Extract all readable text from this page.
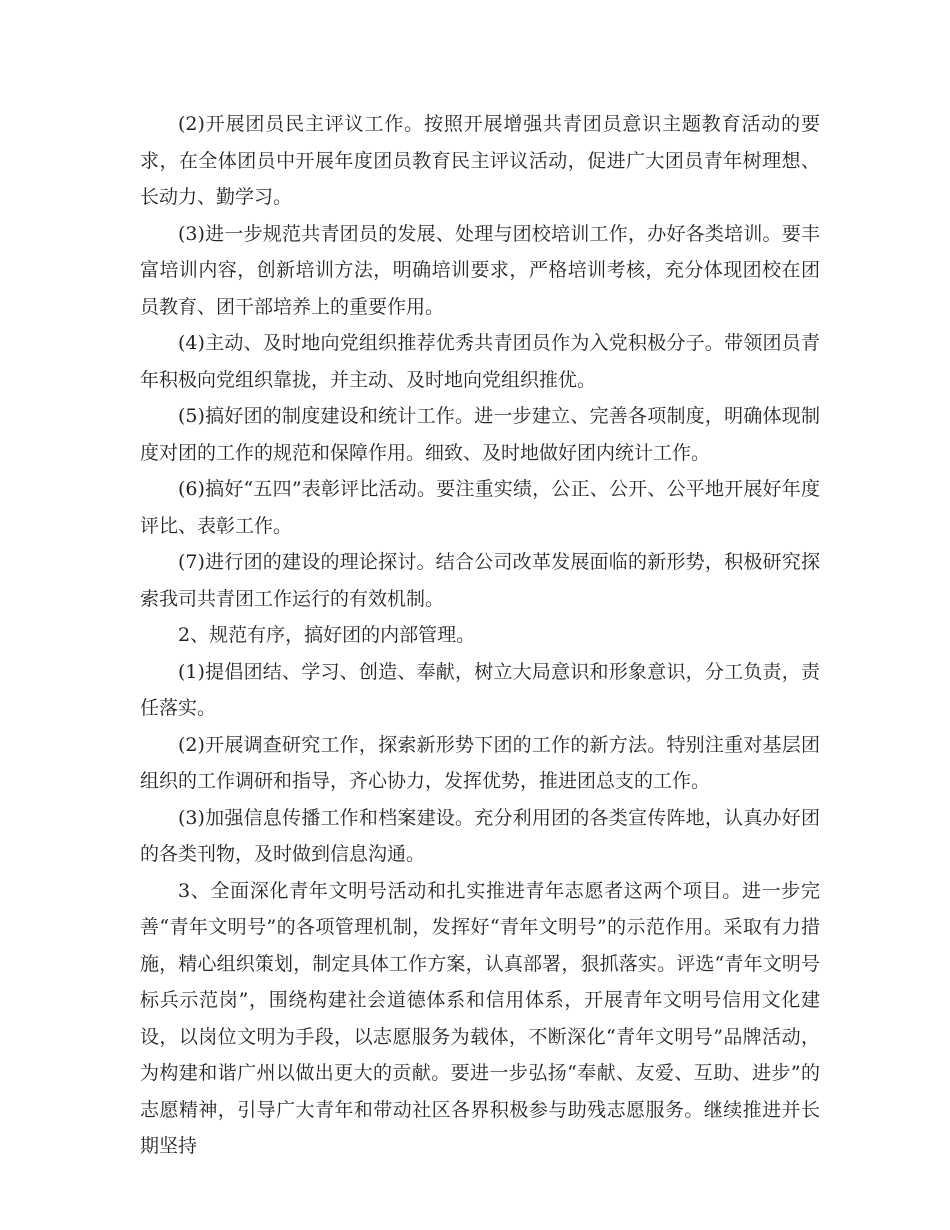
(2)开展团员民主评议工作。按照开展增强共青团员意识主题教育活动的要求，在全体团员中开展年度团员教育民主评议活动，促进广大团员青年树理想、长动力、勤学习。

(3)进一步规范共青团员的发展、处理与团校培训工作，办好各类培训。要丰富培训内容，创新培训方法，明确培训要求，严格培训考核，充分体现团校在团员教育、团干部培养上的重要作用。

(4)主动、及时地向党组织推荐优秀共青团员作为入党积极分子。带领团员青年积极向党组织靠拢，并主动、及时地向党组织推优。

(5)搞好团的制度建设和统计工作。进一步建立、完善各项制度，明确体现制度对团的工作的规范和保障作用。细致、及时地做好团内统计工作。

(6)搞好“五四”表彰评比活动。要注重实绩，公正、公开、公平地开展好年度评比、表彰工作。

(7)进行团的建设的理论探讨。结合公司改革发展面临的新形势，积极研究探索我司共青团工作运行的有效机制。

2、规范有序，搞好团的内部管理。

(1)提倡团结、学习、创造、奉献，树立大局意识和形象意识，分工负责，责任落实。

(2)开展调查研究工作，探索新形势下团的工作的新方法。特别注重对基层团组织的工作调研和指导，齐心协力，发挥优势，推进团总支的工作。

(3)加强信息传播工作和档案建设。充分利用团的各类宣传阵地，认真办好团的各类刊物，及时做到信息沟通。

3、全面深化青年文明号活动和扎实推进青年志愿者这两个项目。进一步完善“青年文明号”的各项管理机制，发挥好“青年文明号”的示范作用。采取有力措施，精心组织策划，制定具体工作方案，认真部署，狠抓落实。评选“青年文明号标兵示范岗”，围绕构建社会道德体系和信用体系，开展青年文明号信用文化建设，以岗位文明为手段，以志愿服务为载体，不断深化“青年文明号”品牌活动，为构建和谐广州以做出更大的贡献。要进一步弘扬“奉献、友爱、互助、进步”的志愿精神，引导广大青年和带动社区各界积极参与助残志愿服务。继续推进并长期坚持
